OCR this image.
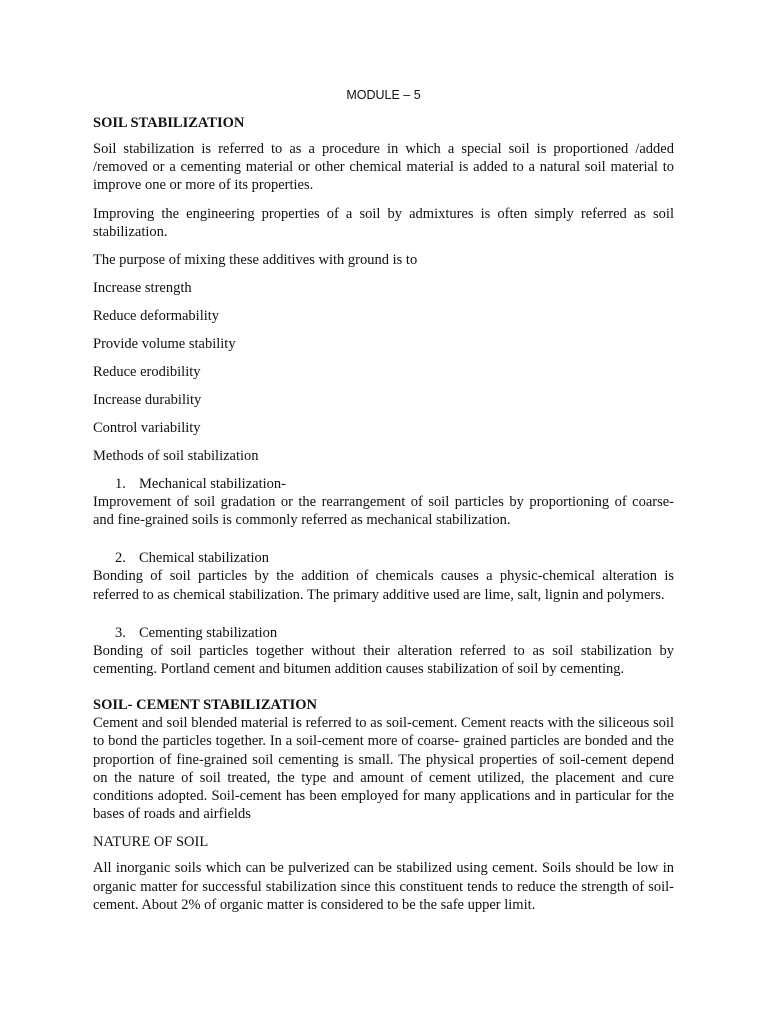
MODULE – 5
SOIL STABILIZATION

Soil stabilization is referred to as a procedure in which a special soil is proportioned /added /removed or a cementing material or other chemical material is added to a natural soil material to improve one or more of its properties.

Improving the engineering properties of a soil by admixtures is often simply referred as soil stabilization.

The purpose of mixing these additives with ground is to
Increase strength
Reduce deformability
Provide volume stability
Reduce erodibility
Increase durability
Control variability
Methods of soil stabilization
1. Mechanical stabilization-
Improvement of soil gradation or the rearrangement of soil particles by proportioning of coarse- and fine-grained soils is commonly referred as mechanical stabilization.
2. Chemical stabilization
Bonding of soil particles by the addition of chemicals causes a physic-chemical alteration is referred to as chemical stabilization. The primary additive used are lime, salt, lignin and polymers.
3. Cementing stabilization
Bonding of soil particles together without their alteration referred to as soil stabilization by cementing. Portland cement and bitumen addition causes stabilization of soil by cementing.
SOIL- CEMENT STABILIZATION

Cement and soil blended material is referred to as soil-cement. Cement reacts with the siliceous soil to bond the particles together. In a soil-cement more of coarse- grained particles are bonded and the proportion of fine-grained soil cementing is small. The physical properties of soil-cement depend on the nature of soil treated, the type and amount of cement utilized, the placement and cure conditions adopted. Soil-cement has been employed for many applications and in particular for the bases of roads and airfields

NATURE OF SOIL

All inorganic soils which can be pulverized can be stabilized using cement. Soils should be low in organic matter for successful stabilization since this constituent tends to reduce the strength of soil-cement. About 2% of organic matter is considered to be the safe upper limit.
